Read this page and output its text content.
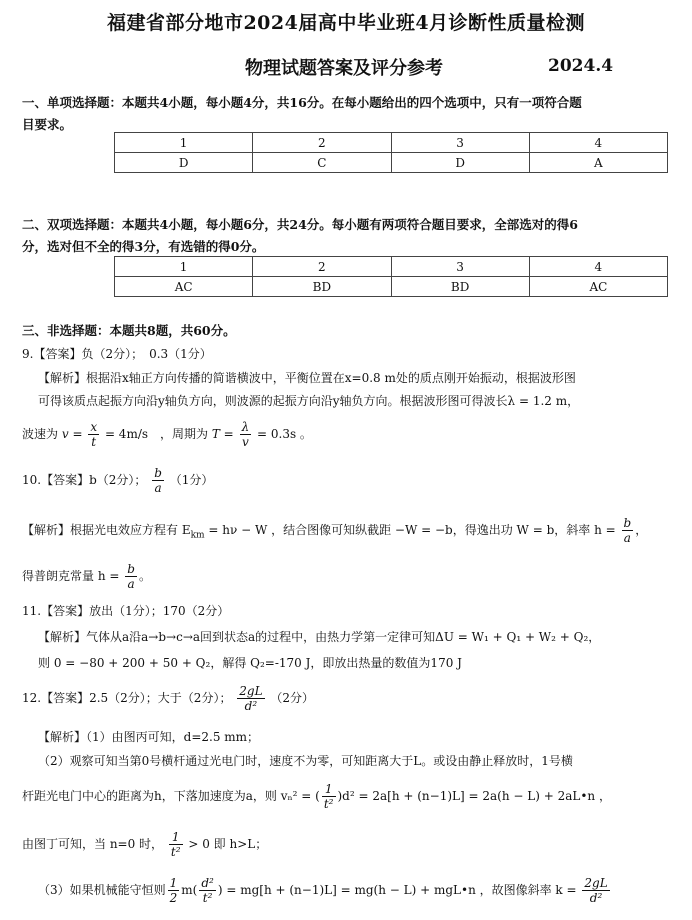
福建省部分地市2024届高中毕业班4月诊断性质量检测
物理试题答案及评分参考	2024.4
一、单项选择题：本题共4小题，每小题4分，共16分。在每小题给出的四个选项中，只有一项符合题
目要求。
1	2	3	4
D	C	D	A
二、双项选择题：本题共4小题，每小题6分，共24分。每小题有两项符合题目要求，全部选对的得6
分，选对但不全的得3分，有选错的得0分。
1	2	3	4
AC	BD	BD	AC
三、非选择题：本题共8题，共60分。
9.【答案】负（2分）；　0.3（1分）
【解析】根据沿x轴正方向传播的简谐横波中，平衡位置在x=0.8 m处的质点刚开始振动，根据波形图
可得该质点起振方向沿y轴负方向，则波源的起振方向沿y轴负方向。根据波形图可得波长λ = 1.2 m，
波速为 $v = \frac{x}{t} = 4m/s$　，周期为 $T = \frac{\lambda}{v} = 0.3s$ 。
10.【答案】b（2分）； $\frac{b}{a} (1$分）
【解析】根据光电效应方程有 $E_{km} = h\nu - W$ ，结合图像可知纵截距 −W = −b，得逸出功 W = b，斜率 $h = \frac{b}{a}$ ，
得普朗克常量 $h = \frac{b}{a}$ 。
11.【答案】放出（1分）；170（2分）
【解析】气体从a沿a→b→c→a回到状态a的过程中，由热力学第一定律可知ΔU = W₁ + Q₁ + W₂ + Q₂，
则 0 = −80 + 200 + 50 + Q₂，解得 Q₂=-170 J，即放出热量的数值为170 J
12.【答案】2.5（2分）；大于（2分）； $\frac{2gL}{\text{d²}} (2$分）
【解析】（1）由图丙可知，d=2.5 mm；
（2）观察可知当第0号横杆通过光电门时，速度不为零，可知距离大于L。或设由静止释放时，1号横
杆距光电门中心的距离为h，下落加速度为a，则 vₙ² = ( $\frac{1}{\text{t²}} )d^2 = 2a[h + (n-1)L] = 2a(h - L)$ + 2aL•n ，
由图丁可知，当 n=0 时， $\frac{1}{\text{t²}} > 0$ 即 h>L；
（3）如果机械能守恒则 $\frac{1}{2} m( \frac{\text{d²}}{\text{t²}}$ ) = mg[h + (n−1)L] = mg(h − L) + mgL•n ，故图像斜率 $k = \frac{2gL}{\text{d²}}$
